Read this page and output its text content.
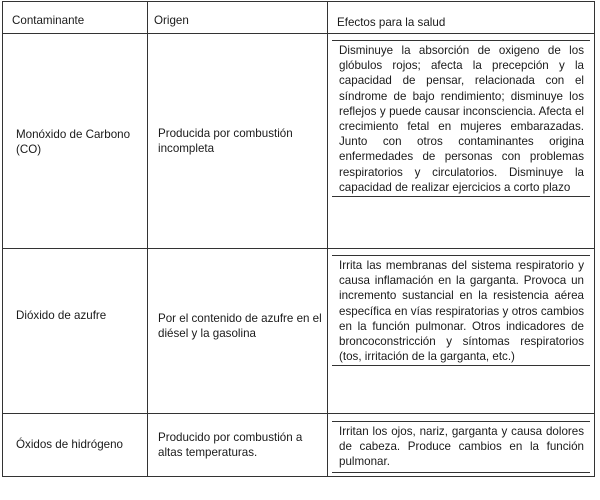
Contaminante	Origen	Efectos para la salud

Monóxido de Carbono (CO)	Producida por combustión incompleta	Disminuye la absorción de oxigeno de los glóbulos rojos; afecta la precepción y la capacidad de pensar, relacionada con el síndrome de bajo rendimiento; disminuye los reflejos y puede causar inconsciencia. Afecta el crecimiento fetal en mujeres embarazadas. Junto con otros contaminantes origina enfermedades de personas con problemas respiratorios y circulatorios. Disminuye la capacidad de realizar ejercicios a corto plazo

Dióxido de azufre	Por el contenido de azufre en el diésel y la gasolina	Irrita las membranas del sistema respiratorio y causa inflamación en la garganta. Provoca un incremento sustancial en la resistencia aérea específica en vías respiratorias y otros cambios en la función pulmonar. Otros indicadores de broncoconstricción y síntomas respiratorios (tos, irritación de la garganta, etc.)

Óxidos de hidrógeno	Producido por combustión a altas temperaturas.	Irritan los ojos, nariz, garganta y causa dolores de cabeza. Produce cambios en la función pulmonar.
